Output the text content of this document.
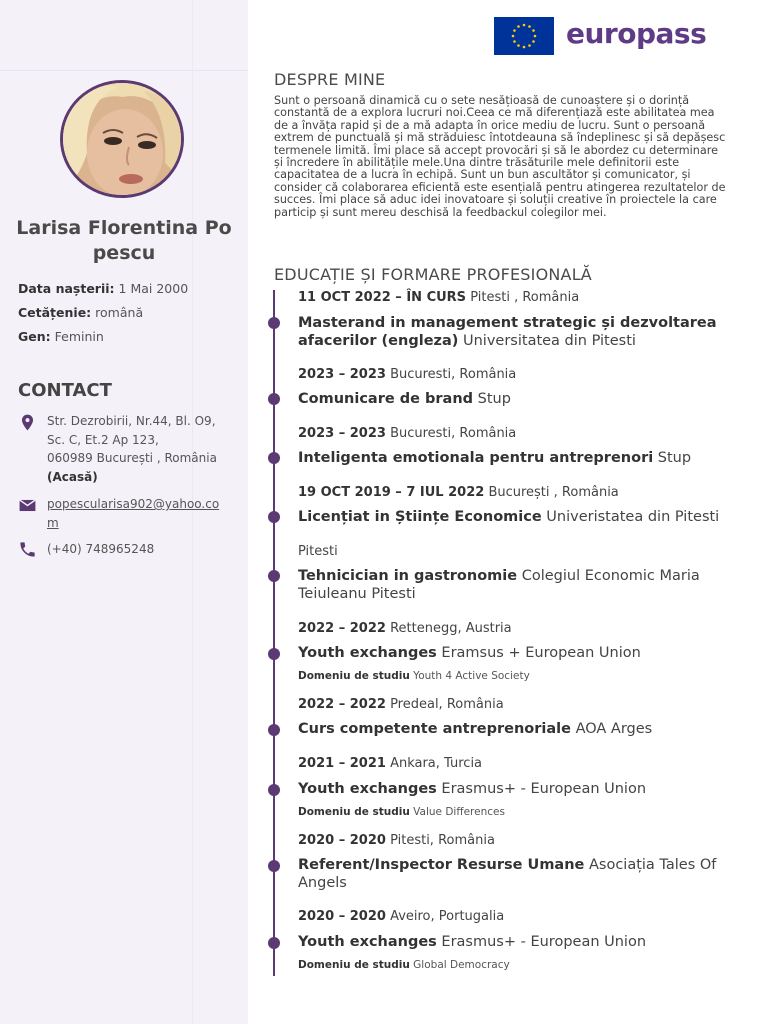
Larisa Florentina Po pescu
Data nașterii: 1 Mai 2000
Cetățenie: română
Gen: Feminin
CONTACT
Str. Dezrobirii, Nr.44, Bl. O9,
Sc. C, Et.2 Ap 123,
060989 București , România
(Acasă)
popescularisa902@yahoo.com
(+40) 748965248
europass
DESPRE MINE
Sunt o persoană dinamică cu o sete nesățioasă de cunoaștere și o dorință constantă de a explora lucruri noi.Ceea ce mă diferențiază este abilitatea mea de a învăța rapid și de a mă adapta în orice mediu de lucru. Sunt o persoană extrem de punctuală și mă străduiesc întotdeauna să îndeplinesc și să depășesc termenele limită. Îmi place să accept provocări și să le abordez cu determinare și încredere în abilitățile mele.Una dintre trăsăturile mele definitorii este capacitatea de a lucra în echipă. Sunt un bun ascultător și comunicator, și consider că colaborarea eficientă este esențială pentru atingerea rezultatelor de succes. Îmi place să aduc idei inovatoare și soluții creative în proiectele la care particip și sunt mereu deschisă la feedbackul colegilor mei.
EDUCAȚIE ȘI FORMARE PROFESIONALĂ
11 OCT 2022 – ÎN CURS Pitesti , România
Masterand in management strategic și dezvoltarea afacerilor (engleza) Universitatea din Pitesti
2023 – 2023 Bucuresti, România
Comunicare de brand Stup
2023 – 2023 Bucuresti, România
Inteligenta emotionala pentru antreprenori Stup
19 OCT 2019 – 7 IUL 2022 București , România
Licențiat in Științe Economice Univeristatea din Pitesti
Pitesti
Tehnicician in gastronomie Colegiul Economic Maria Teiuleanu Pitesti
2022 – 2022 Rettenegg, Austria
Youth exchanges Eramsus + European Union
Domeniu de studiu Youth 4 Active Society
2022 – 2022 Predeal, România
Curs competente antreprenoriale AOA Arges
2021 – 2021 Ankara, Turcia
Youth exchanges Erasmus+ - European Union
Domeniu de studiu Value Differences
2020 – 2020 Pitesti, România
Referent/Inspector Resurse Umane Asociația Tales Of Angels
2020 – 2020 Aveiro, Portugalia
Youth exchanges Erasmus+ - European Union
Domeniu de studiu Global Democracy
